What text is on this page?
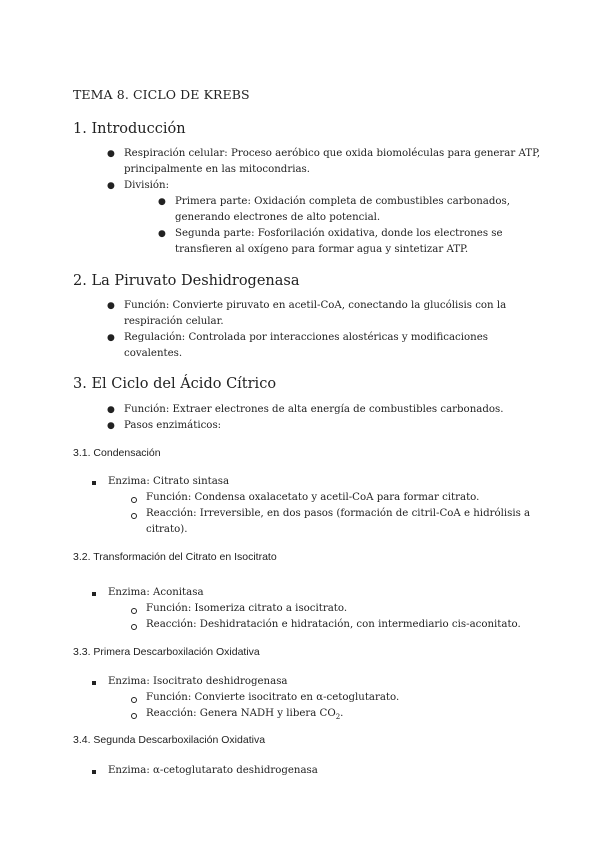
TEMA 8. CICLO DE KREBS
1. Introducción
● Respiración celular: Proceso aeróbico que oxida biomoléculas para generar ATP,
principalmente en las mitocondrias.
● División:
● Primera parte: Oxidación completa de combustibles carbonados,
generando electrones de alto potencial.
● Segunda parte: Fosforilación oxidativa, donde los electrones se
transfieren al oxígeno para formar agua y sintetizar ATP.
2. La Piruvato Deshidrogenasa
● Función: Convierte piruvato en acetil-CoA, conectando la glucólisis con la
respiración celular.
● Regulación: Controlada por interacciones alostéricas y modificaciones
covalentes.
3. El Ciclo del Ácido Cítrico
● Función: Extraer electrones de alta energía de combustibles carbonados.
● Pasos enzimáticos:
3.1. Condensación
Enzima: Citrato sintasa
Función: Condensa oxalacetato y acetil-CoA para formar citrato.
Reacción: Irreversible, en dos pasos (formación de citril-CoA e hidrólisis a
citrato).
3.2. Transformación del Citrato en Isocitrato
Enzima: Aconitasa
Función: Isomeriza citrato a isocitrato.
Reacción: Deshidratación e hidratación, con intermediario cis-aconitato.
3.3. Primera Descarboxilación Oxidativa
Enzima: Isocitrato deshidrogenasa
Función: Convierte isocitrato en α-cetoglutarato.
Reacción: Genera NADH y libera $CO_2$.
3.4. Segunda Descarboxilación Oxidativa
Enzima: α-cetoglutarato deshidrogenasa
